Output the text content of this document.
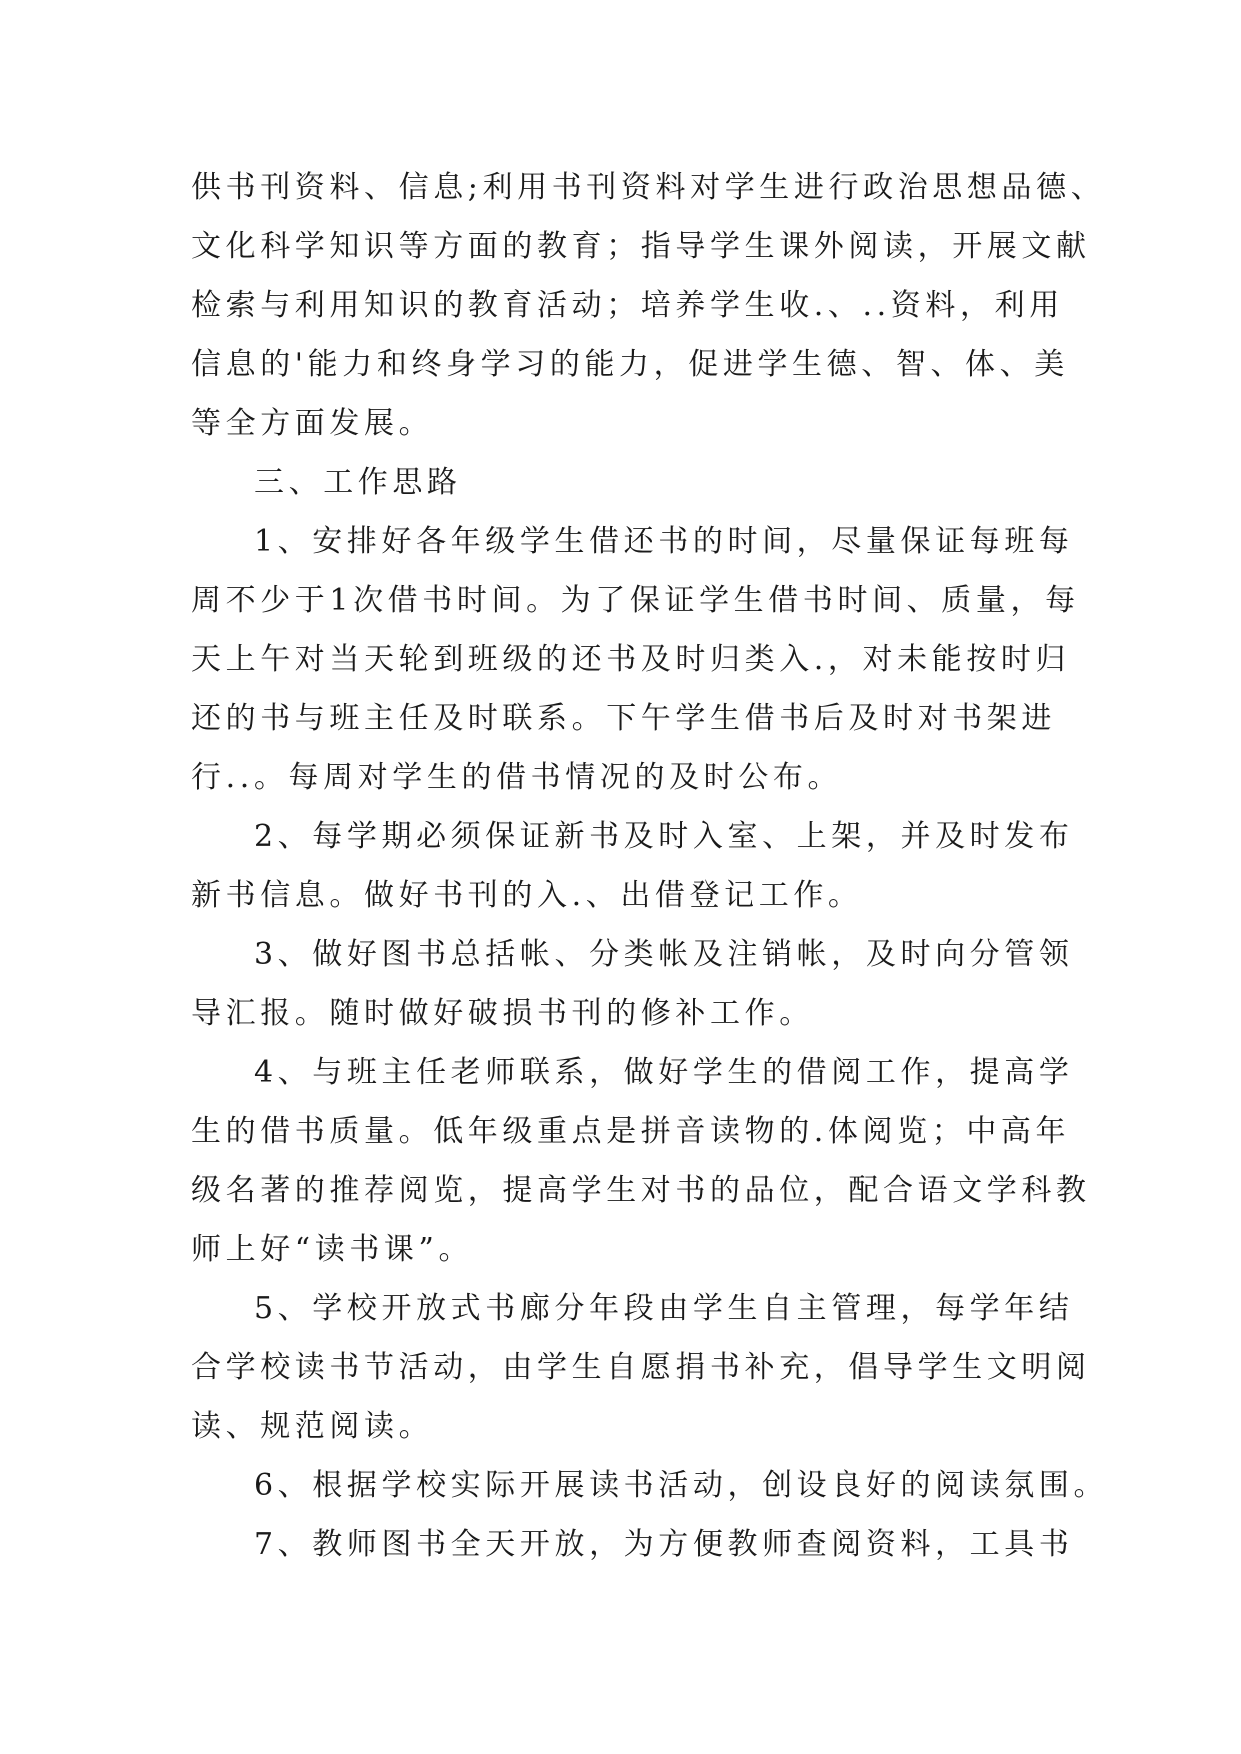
供书刊资料、信息;利用书刊资料对学生进行政治思想品德、
文化科学知识等方面的教育；指导学生课外阅读，开展文献
检索与利用知识的教育活动；培养学生收.、..资料，利用
信息的'能力和终身学习的能力，促进学生德、智、体、美
等全方面发展。
三、工作思路
1、安排好各年级学生借还书的时间，尽量保证每班每
周不少于1次借书时间。为了保证学生借书时间、质量，每
天上午对当天轮到班级的还书及时归类入.，对未能按时归
还的书与班主任及时联系。下午学生借书后及时对书架进
行..。每周对学生的借书情况的及时公布。
2、每学期必须保证新书及时入室、上架，并及时发布
新书信息。做好书刊的入.、出借登记工作。
3、做好图书总括帐、分类帐及注销帐，及时向分管领
导汇报。随时做好破损书刊的修补工作。
4、与班主任老师联系，做好学生的借阅工作，提高学
生的借书质量。低年级重点是拼音读物的.体阅览；中高年
级名著的推荐阅览，提高学生对书的品位，配合语文学科教
师上好“读书课”。
5、学校开放式书廊分年段由学生自主管理，每学年结
合学校读书节活动，由学生自愿捐书补充，倡导学生文明阅
读、规范阅读。
6、根据学校实际开展读书活动，创设良好的阅读氛围。
7、教师图书全天开放，为方便教师查阅资料，工具书
